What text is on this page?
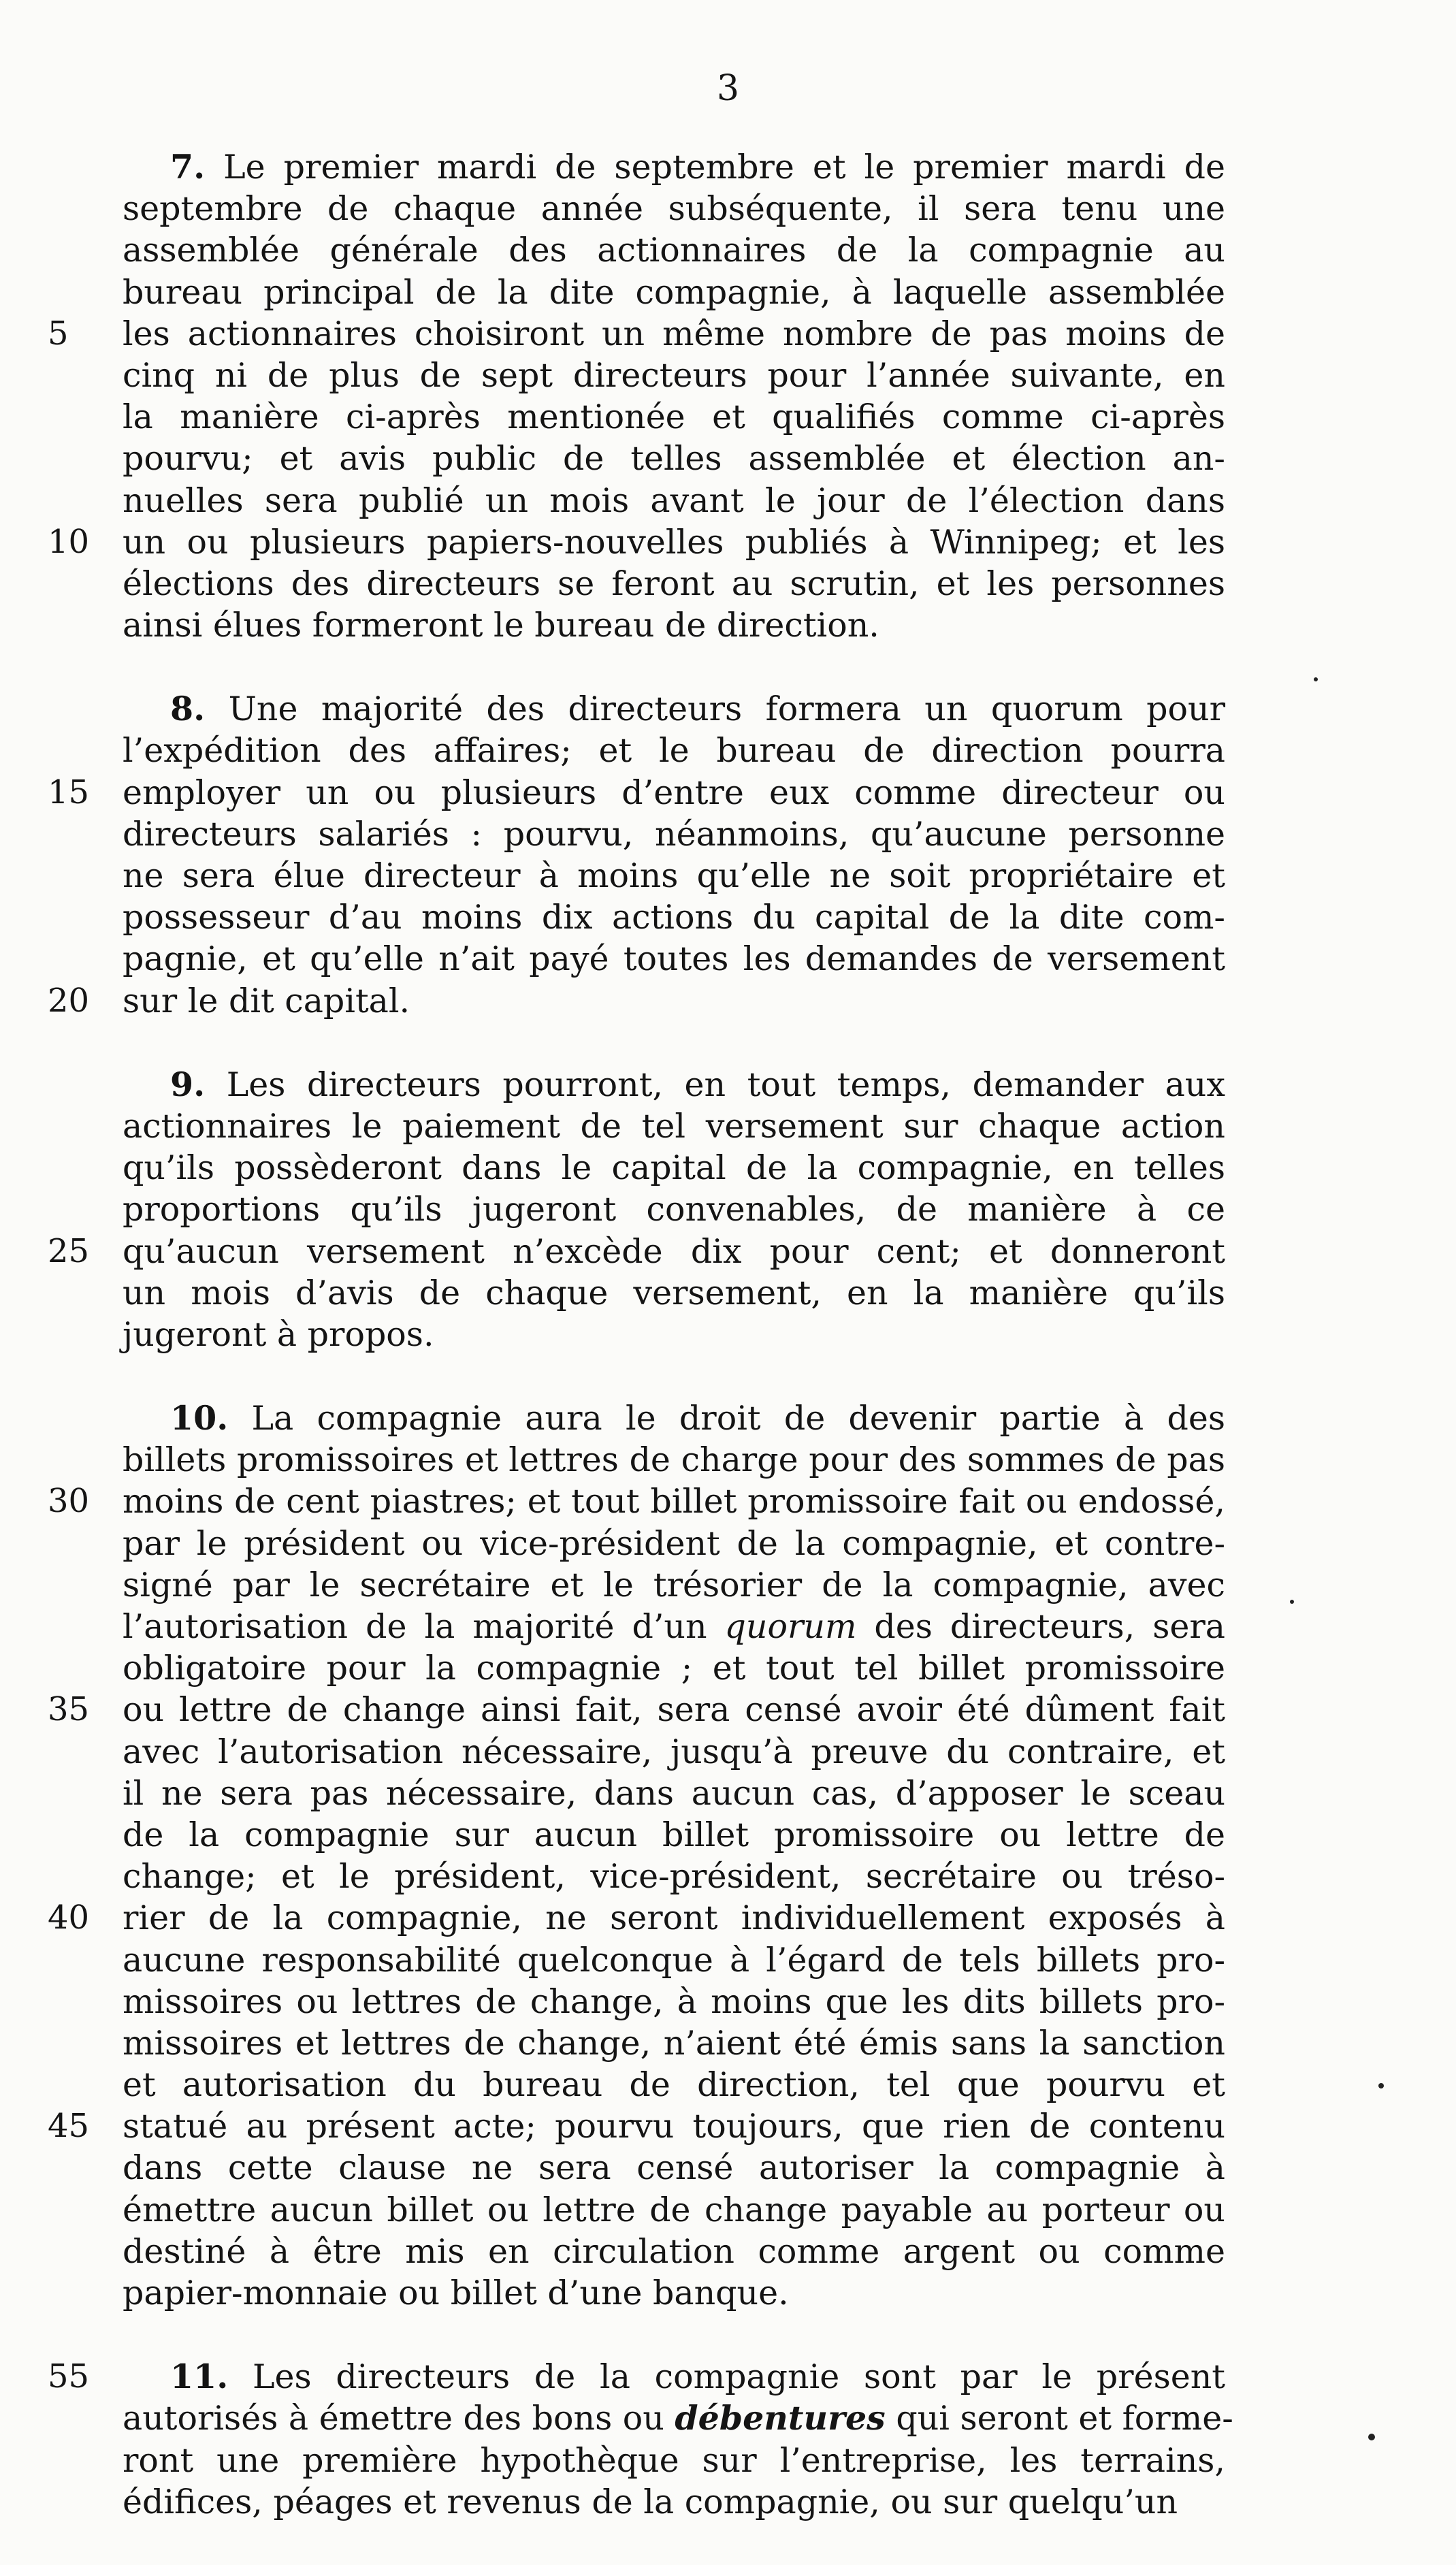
3
7. Le premier mardi de septembre et le premier mardi de
septembre de chaque année subséquente, il sera tenu une
assemblée générale des actionnaires de la compagnie au
bureau principal de la dite compagnie, à laquelle assemblée
5	les actionnaires choisiront un même nombre de pas moins de
cinq ni de plus de sept directeurs pour l’année suivante, en
la manière ci-après mentionée et qualifiés comme ci-après
pourvu; et avis public de telles assemblée et élection an-
nuelles sera publié un mois avant le jour de l’élection dans
10 un ou plusieurs papiers-nouvelles publiés à Winnipeg; et les
élections des directeurs se feront au scrutin, et les personnes
ainsi élues formeront le bureau de direction.
8. Une majorité des directeurs formera un quorum pour
l’expédition des affaires; et le bureau de direction pourra
15 employer un ou plusieurs d’entre eux comme directeur ou
directeurs salariés : pourvu, néanmoins, qu’aucune personne
ne sera élue directeur à moins qu’elle ne soit propriétaire et
possesseur d’au moins dix actions du capital de la dite com-
pagnie, et qu’elle n’ait payé toutes les demandes de versement
20 sur le dit capital.
9. Les directeurs pourront, en tout temps, demander aux
actionnaires le paiement de tel versement sur chaque action
qu’ils possèderont dans le capital de la compagnie, en telles
proportions qu’ils jugeront convenables, de manière à ce
25 qu’aucun versement n’excède dix pour cent; et donneront
un mois d’avis de chaque versement, en la manière qu’ils
jugeront à propos.
10. La compagnie aura le droit de devenir partie à des
billets promissoires et lettres de charge pour des sommes de pas
30 moins de cent piastres; et tout billet promissoire fait ou endossé,
par le président ou vice-président de la compagnie, et contre-
signé par le secrétaire et le trésorier de la compagnie, avec
l’autorisation de la majorité d’un quorum des directeurs, sera
obligatoire pour la compagnie ; et tout tel billet promissoire
35 ou lettre de change ainsi fait, sera censé avoir été dûment fait
avec l’autorisation nécessaire, jusqu’à preuve du contraire, et
il ne sera pas nécessaire, dans aucun cas, d’apposer le sceau
de la compagnie sur aucun billet promissoire ou lettre de
change; et le président, vice-président, secrétaire ou tréso-
40 rier de la compagnie, ne seront individuellement exposés à
aucune responsabilité quelconque à l’égard de tels billets pro-
missoires ou lettres de change, à moins que les dits billets pro-
missoires et lettres de change, n’aient été émis sans la sanction
et autorisation du bureau de direction, tel que pourvu et
45 statué au présent acte; pourvu toujours, que rien de contenu
dans cette clause ne sera censé autoriser la compagnie à
émettre aucun billet ou lettre de change payable au porteur ou
destiné à être mis en circulation comme argent ou comme
papier-monnaie ou billet d’une banque.
55	11. Les directeurs de la compagnie sont par le présent
autorisés à émettre des bons ou débentures qui seront et forme-
ront une première hypothèque sur l’entreprise, les terrains,
édifices, péages et revenus de la compagnie, ou sur quelqu’un
